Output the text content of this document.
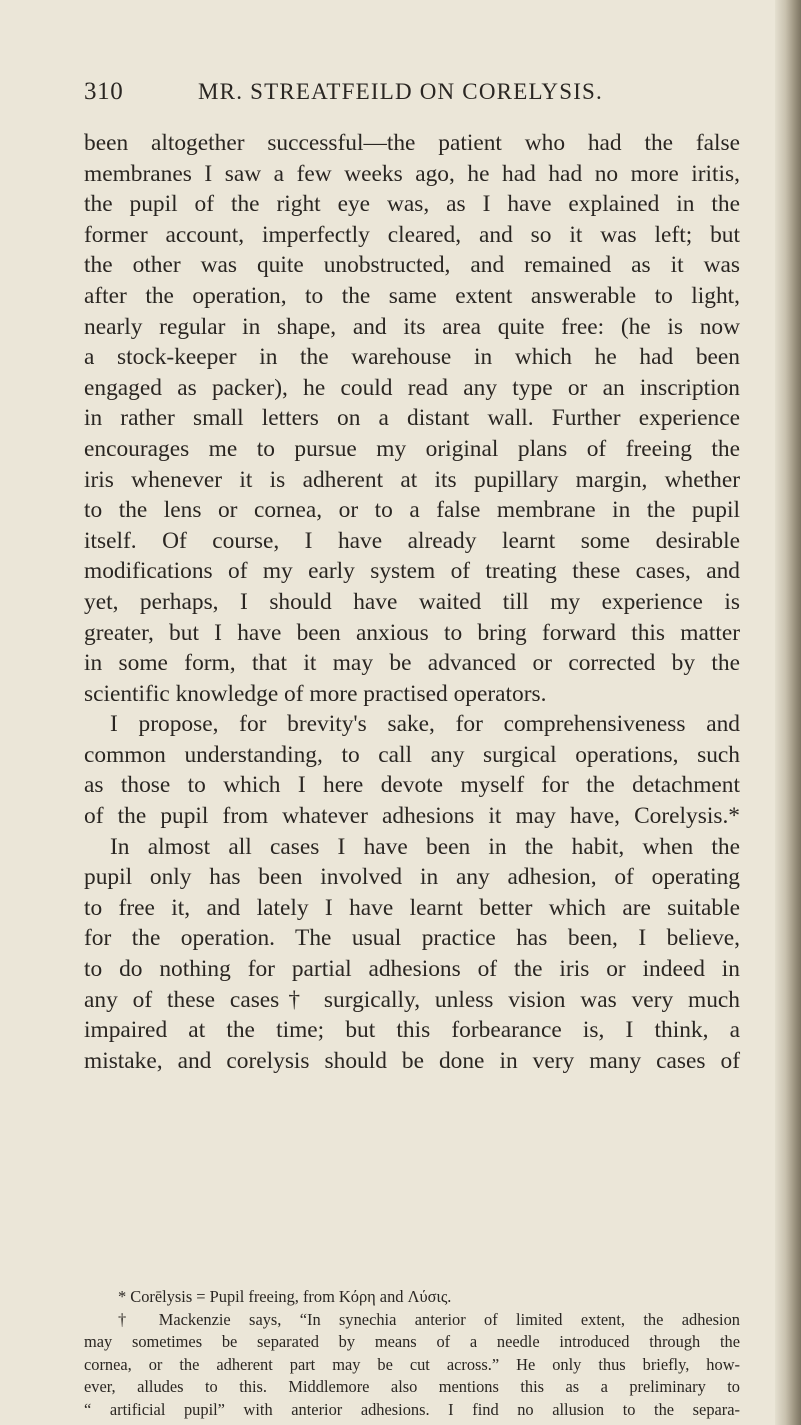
310	MR. STREATFEILD ON CORELYSIS.
been altogether successful—the patient who had the false
membranes I saw a few weeks ago, he had had no more iritis,
the pupil of the right eye was, as I have explained in the
former account, imperfectly cleared, and so it was left; but
the other was quite unobstructed, and remained as it was
after the operation, to the same extent answerable to light,
nearly regular in shape, and its area quite free: (he is now
a stock-keeper in the warehouse in which he had been
engaged as packer), he could read any type or an inscription
in rather small letters on a distant wall. Further experience
encourages me to pursue my original plans of freeing the
iris whenever it is adherent at its pupillary margin, whether
to the lens or cornea, or to a false membrane in the pupil
itself. Of course, I have already learnt some desirable
modifications of my early system of treating these cases, and
yet, perhaps, I should have waited till my experience is
greater, but I have been anxious to bring forward this matter
in some form, that it may be advanced or corrected by the
scientific knowledge of more practised operators.
I propose, for brevity's sake, for comprehensiveness and
common understanding, to call any surgical operations, such
as those to which I here devote myself for the detachment
of the pupil from whatever adhesions it may have, Corelysis.*
In almost all cases I have been in the habit, when the
pupil only has been involved in any adhesion, of operating
to free it, and lately I have learnt better which are suitable
for the operation. The usual practice has been, I believe,
to do nothing for partial adhesions of the iris or indeed in
any of these cases† surgically, unless vision was very much
impaired at the time; but this forbearance is, I think, a
mistake, and corelysis should be done in very many cases of
* Corēlysis = Pupil freeing, from Κόρη and Λύσις.
† Mackenzie says, “In synechia anterior of limited extent, the adhesion
may sometimes be separated by means of a needle introduced through the
cornea, or the adherent part may be cut across.” He only thus briefly, how-
ever, alludes to this. Middlemore also mentions this as a preliminary to
“ artificial pupil” with anterior adhesions. I find no allusion to the separa-
